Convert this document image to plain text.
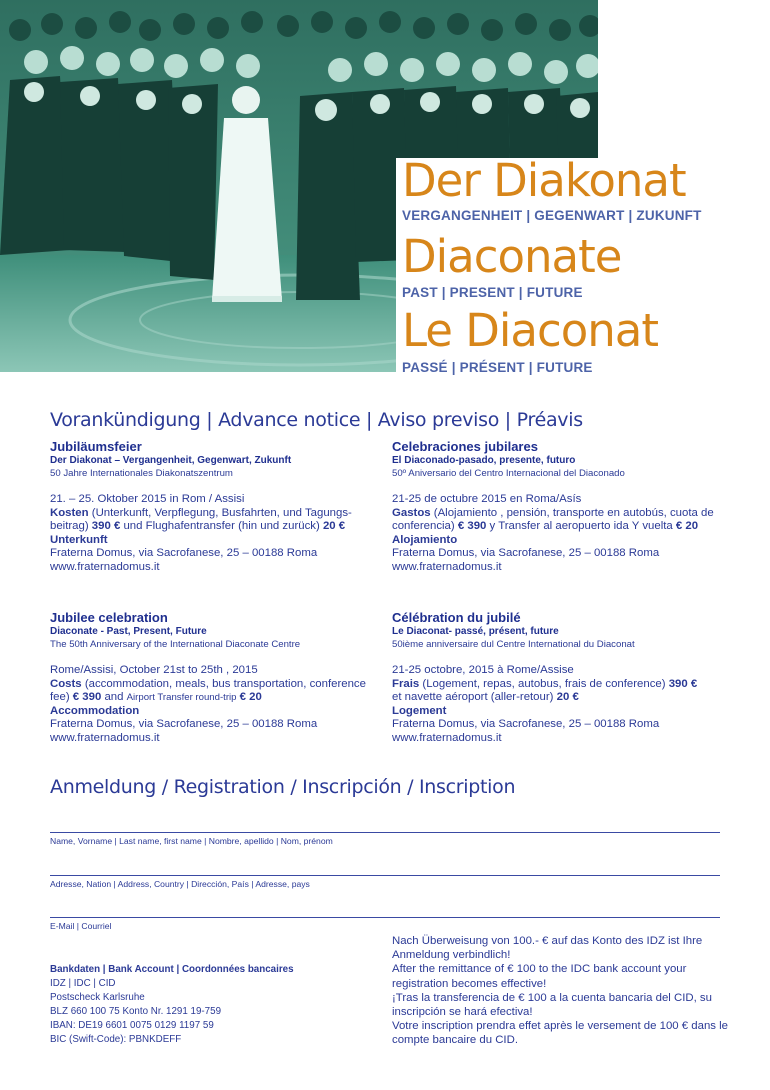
Der Diakonat
VERGANGENHEIT | GEGENWART | ZUKUNFT
Diaconate
PAST | PRESENT | FUTURE
Le Diaconat
PASSÉ | PRÉSENT | FUTURE
Vorankündigung | Advance notice | Aviso previso | Préavis
Jubiläumsfeier
Der Diakonat – Vergangenheit, Gegenwart, Zukunft
50 Jahre Internationales Diakonatszentrum
21. – 25. Oktober 2015 in Rom / Assisi
Kosten (Unterkunft, Verpflegung, Busfahrten, und Tagungs-beitrag) 390 € und Flughafentransfer (hin und zurück) 20 €
Unterkunft
Fraterna Domus, via Sacrofanese, 25 – 00188 Roma
www.fraternadomus.it
Celebraciones jubilares
El Diaconado-pasado, presente, futuro
50º Aniversario del Centro Internacional del Diaconado
21-25 de octubre 2015 en Roma/Asís
Gastos (Alojamiento , pensión, transporte en autobús, cuota de conferencia) € 390 y Transfer al aeropuerto ida Y vuelta € 20
Alojamiento
Fraterna Domus, via Sacrofanese, 25 – 00188 Roma
www.fraternadomus.it
Jubilee celebration
Diaconate - Past, Present, Future
The 50th Anniversary of the International Diaconate Centre
Rome/Assisi, October 21st to 25th , 2015
Costs (accommodation, meals, bus transportation, conference fee) € 390 and Airport Transfer round-trip € 20
Accommodation
Fraterna Domus, via Sacrofanese, 25 – 00188 Roma
www.fraternadomus.it
Célébration du jubilé
Le Diaconat- passé, présent, future
50ième anniversaire dul Centre International du Diaconat
21-25 octobre, 2015 à Rome/Assise
Frais (Logement, repas, autobus, frais de conference) 390 €
et navette aéroport (aller-retour) 20 €
Logement
Fraterna Domus, via Sacrofanese, 25 – 00188 Roma
www.fraternadomus.it
Anmeldung / Registration / Inscripción / Inscription
Name, Vorname | Last name, first name | Nombre, apellido | Nom, prénom
Adresse, Nation | Address, Country | Dirección, País | Adresse, pays
E-Mail | Courriel
Bankdaten | Bank Account | Coordonnées bancaires
IDZ | IDC | CID
Postscheck Karlsruhe
BLZ 660 100 75 Konto Nr. 1291 19-759
IBAN: DE19 6601 0075 0129 1197 59
BIC (Swift-Code): PBNKDEFF
Nach Überweisung von 100.- € auf das Konto des IDZ ist Ihre Anmeldung verbindlich!
After the remittance of € 100 to the IDC bank account your registration becomes effective!
¡Tras la transferencia de € 100 a la cuenta bancaria del CID, su inscripción se hará efectiva!
Votre inscription prendra effet après le versement de 100 € dans le compte bancaire du CID.
